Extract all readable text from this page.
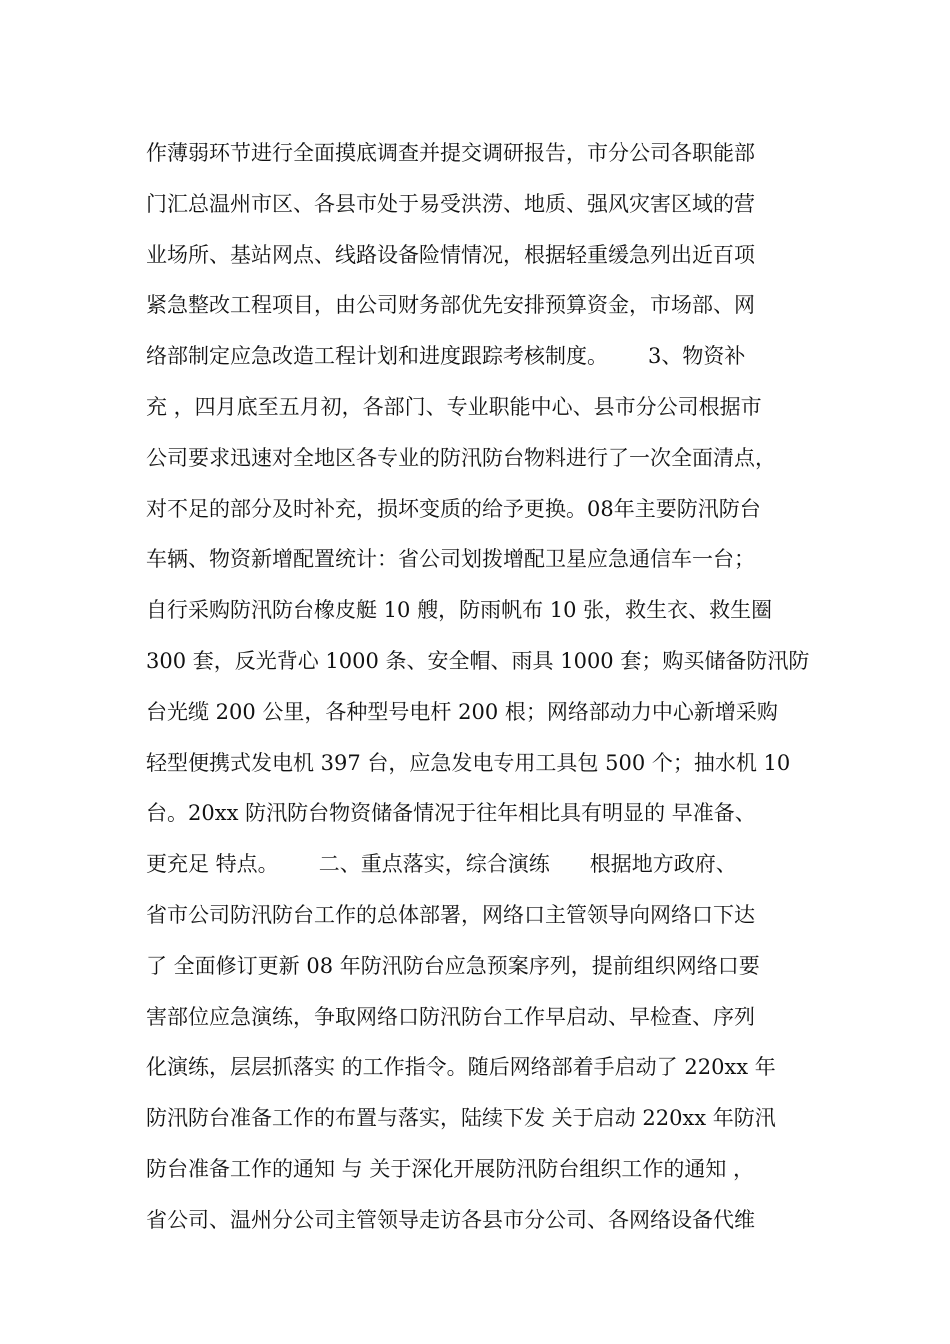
作薄弱环节进行全面摸底调查并提交调研报告，市分公司各职能部
门汇总温州市区、各县市处于易受洪涝、地质、强风灾害区域的营
业场所、基站网点、线路设备险情情况，根据轻重缓急列出近百项
紧急整改工程项目，由公司财务部优先安排预算资金，市场部、网
络部制定应急改造工程计划和进度跟踪考核制度。      3、物资补
充 ，四月底至五月初，各部门、专业职能中心、县市分公司根据市
公司要求迅速对全地区各专业的防汛防台物料进行了一次全面清点，
对不足的部分及时补充，损坏变质的给予更换。08年主要防汛防台
车辆、物资新增配置统计：省公司划拨增配卫星应急通信车一台；
自行采购防汛防台橡皮艇 10 艘，防雨帆布 10 张，救生衣、救生圈
300 套，反光背心 1000 条、安全帽、雨具 1000 套；购买储备防汛防
台光缆 200 公里，各种型号电杆 200 根；网络部动力中心新增采购
轻型便携式发电机 397 台，应急发电专用工具包 500 个；抽水机 10
台。20xx 防汛防台物资储备情况于往年相比具有明显的 早准备、
更充足 特点。      二、重点落实，综合演练      根据地方政府、
省市公司防汛防台工作的总体部署，网络口主管领导向网络口下达
了 全面修订更新 08 年防汛防台应急预案序列，提前组织网络口要
害部位应急演练，争取网络口防汛防台工作早启动、早检查、序列
化演练，层层抓落实 的工作指令。随后网络部着手启动了 220xx 年
防汛防台准备工作的布置与落实，陆续下发 关于启动 220xx 年防汛
防台准备工作的通知 与 关于深化开展防汛防台组织工作的通知 ，
省公司、温州分公司主管领导走访各县市分公司、各网络设备代维
